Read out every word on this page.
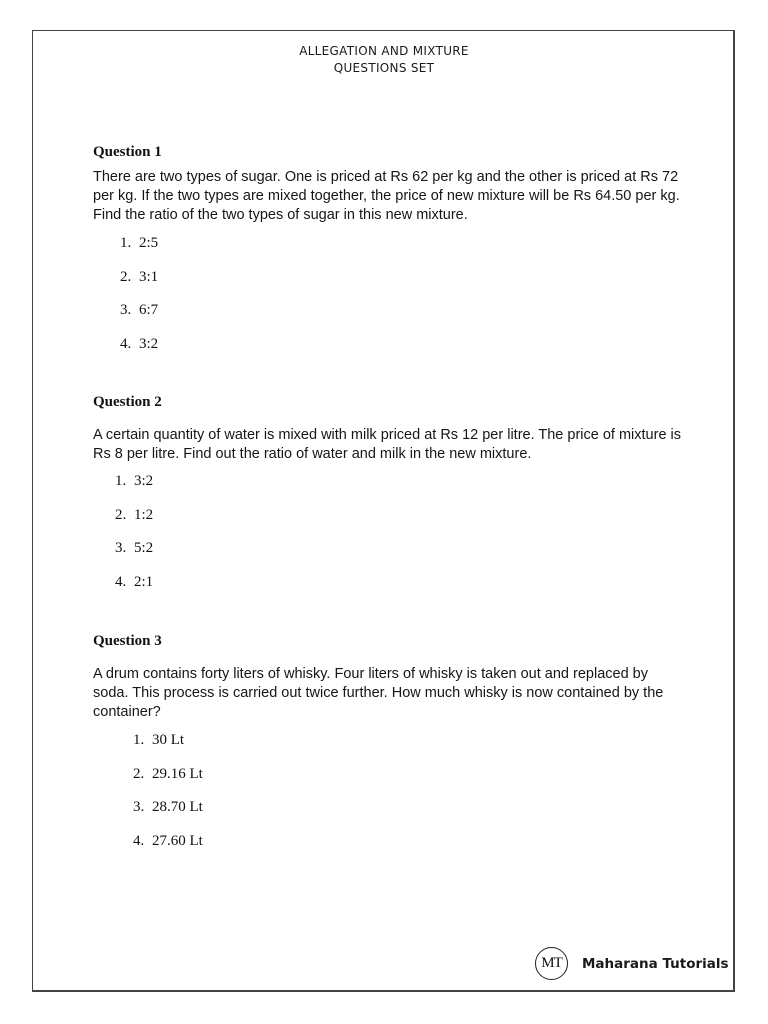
ALLEGATION AND MIXTURE
QUESTIONS SET

Question 1

There are two types of sugar. One is priced at Rs 62 per kg and the other is priced at Rs 72 per kg. If the two types are mixed together, the price of new mixture will be Rs 64.50 per kg. Find the ratio of the two types of sugar in this new mixture.

1. 2:5
2. 3:1
3. 6:7
4. 3:2

Question 2

A certain quantity of water is mixed with milk priced at Rs 12 per litre. The price of mixture is Rs 8 per litre. Find out the ratio of water and milk in the new mixture.

1. 3:2
2. 1:2
3. 5:2
4. 2:1

Question 3

A drum contains forty liters of whisky. Four liters of whisky is taken out and replaced by soda. This process is carried out twice further. How much whisky is now contained by the container?

1. 30 Lt
2. 29.16 Lt
3. 28.70 Lt
4. 27.60 Lt
MT Maharana Tutorials
